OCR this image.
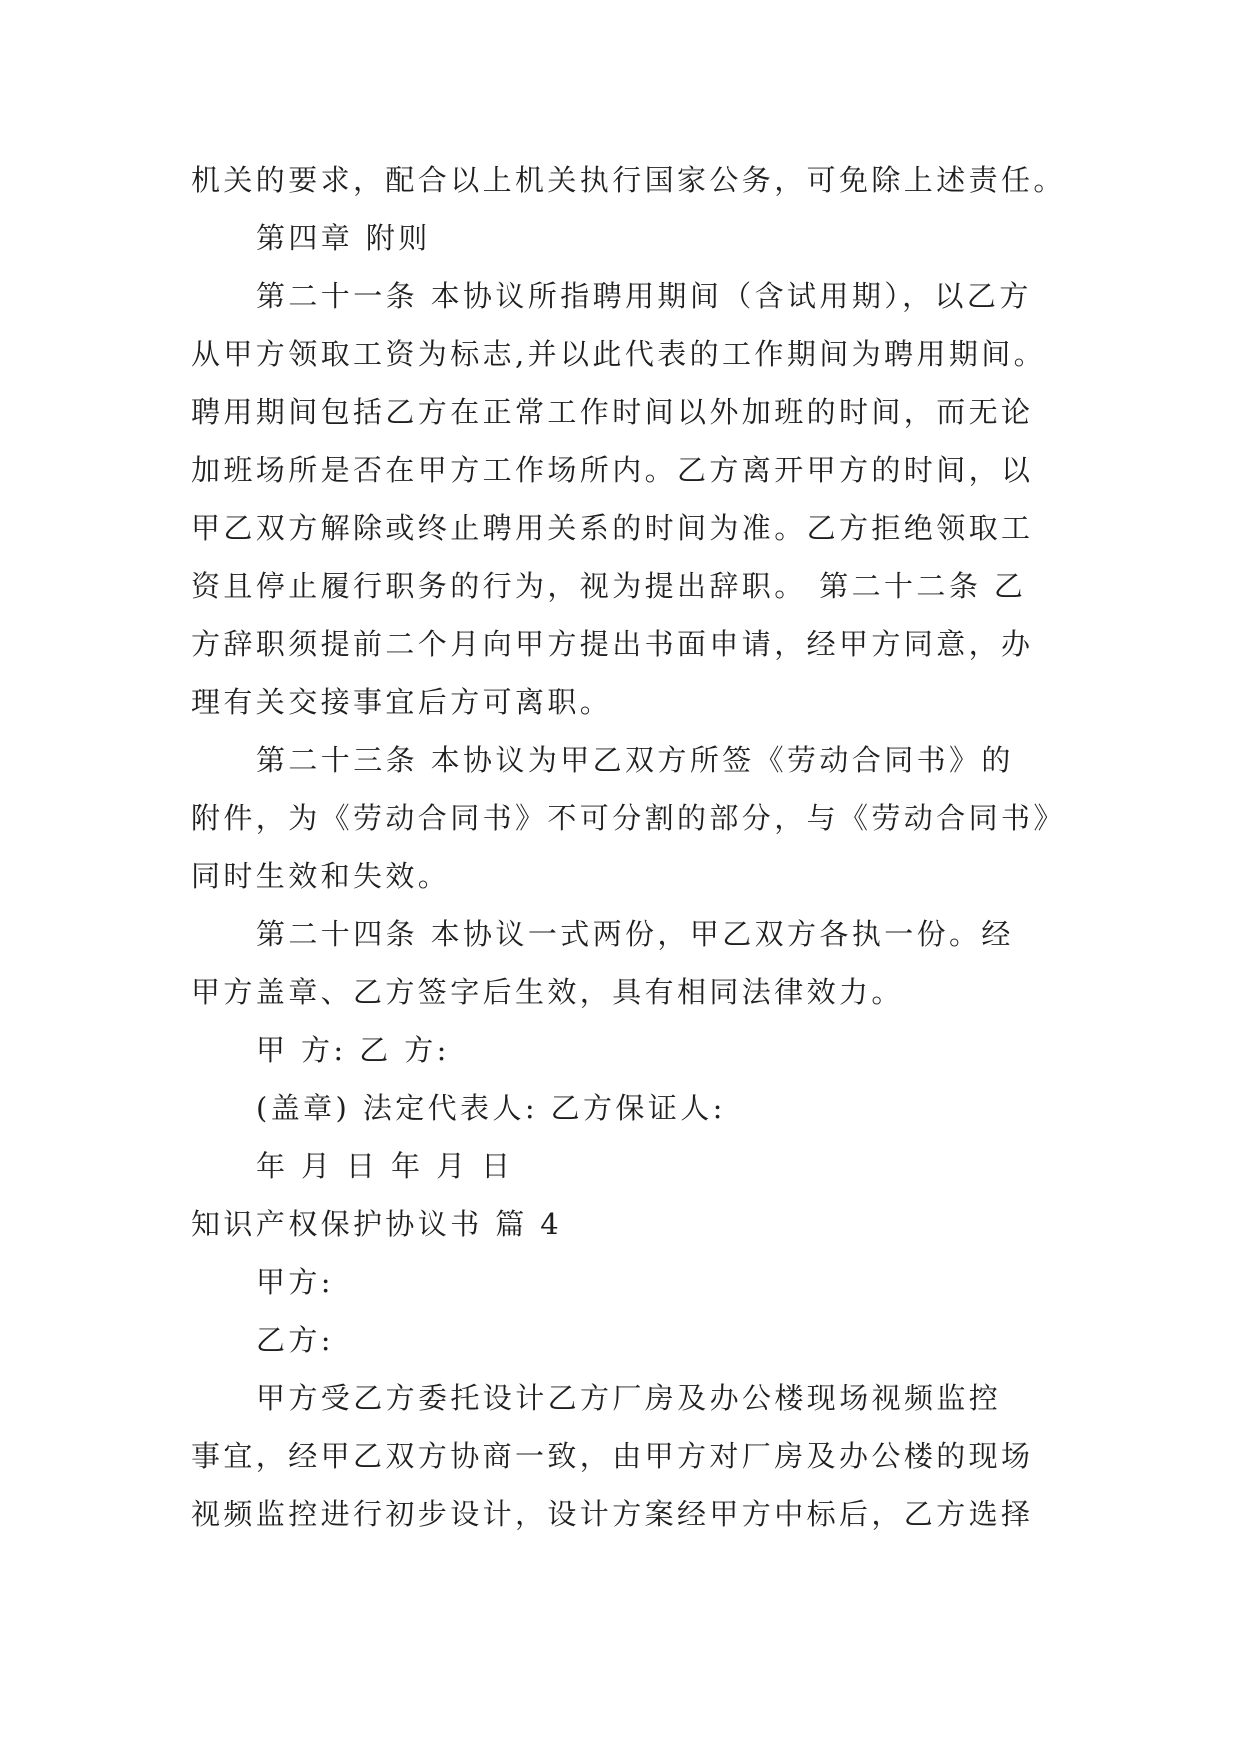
机关的要求，配合以上机关执行国家公务，可免除上述责任。
第四章 附则
第二十一条 本协议所指聘用期间（含试用期），以乙方
从甲方领取工资为标志,并以此代表的工作期间为聘用期间。
聘用期间包括乙方在正常工作时间以外加班的时间，而无论
加班场所是否在甲方工作场所内。乙方离开甲方的时间，以
甲乙双方解除或终止聘用关系的时间为准。乙方拒绝领取工
资且停止履行职务的行为，视为提出辞职。 第二十二条 乙
方辞职须提前二个月向甲方提出书面申请，经甲方同意，办
理有关交接事宜后方可离职。
第二十三条 本协议为甲乙双方所签《劳动合同书》的
附件，为《劳动合同书》不可分割的部分，与《劳动合同书》
同时生效和失效。
第二十四条 本协议一式两份，甲乙双方各执一份。经
甲方盖章、乙方签字后生效，具有相同法律效力。
甲 方: 乙 方:
(盖章) 法定代表人: 乙方保证人:
年 月 日 年 月 日
知识产权保护协议书 篇 4
甲方:
乙方:
甲方受乙方委托设计乙方厂房及办公楼现场视频监控
事宜，经甲乙双方协商一致，由甲方对厂房及办公楼的现场
视频监控进行初步设计，设计方案经甲方中标后，乙方选择
